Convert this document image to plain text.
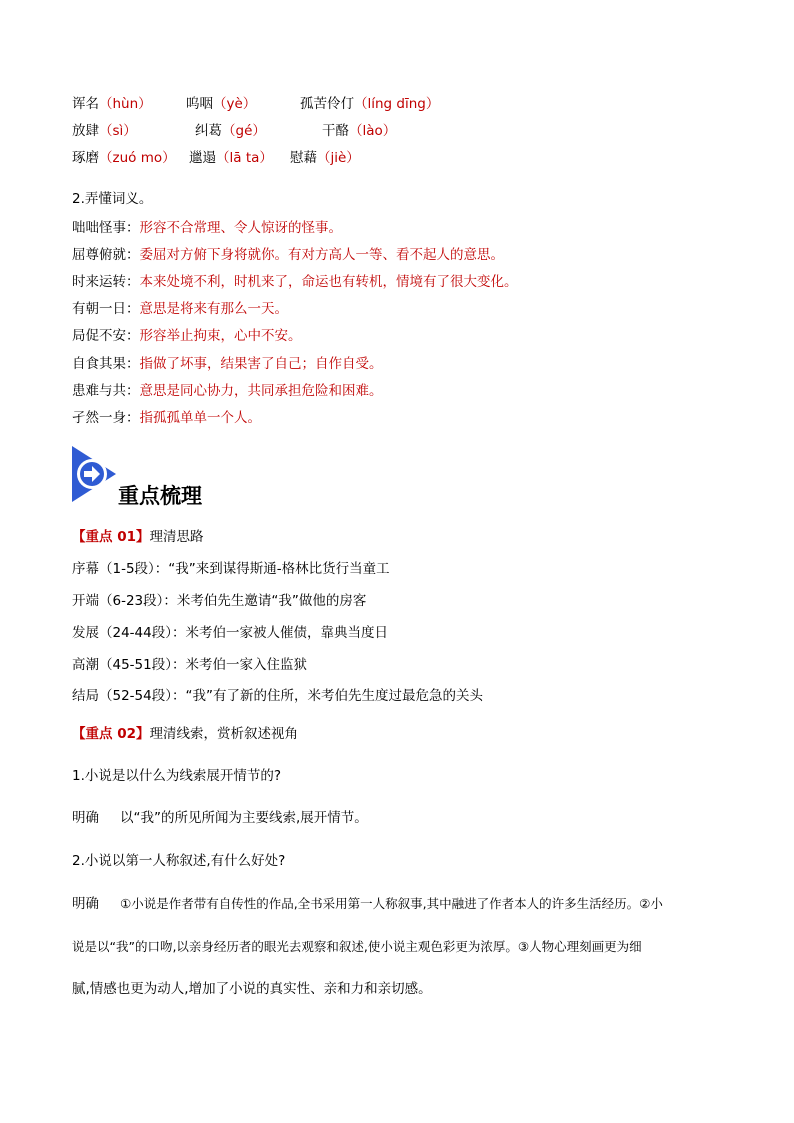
诨名（hùn）	呜咽（yè）	孤苦伶仃（líng dīng）
放肆（sì）	纠葛（gé）	干酪（lào）
琢磨（zuó mo） 邋遢（lā ta） 慰藉（jiè）
2.弄懂词义。
咄咄怪事：形容不合常理、令人惊讶的怪事。
屈尊俯就：委屈对方俯下身将就你。有对方高人一等、看不起人的意思。
时来运转：本来处境不利，时机来了，命运也有转机，情境有了很大变化。
有朝一日：意思是将来有那么一天。
局促不安：形容举止拘束，心中不安。
自食其果：指做了坏事，结果害了自己；自作自受。
患难与共：意思是同心协力，共同承担危险和困难。
孑然一身：指孤孤单单一个人。
重点梳理
【重点 01】理清思路
序幕（1-5段）：“我”来到谋得斯通-格林比货行当童工
开端（6-23段）：米考伯先生邀请“我”做他的房客
发展（24-44段）：米考伯一家被人催债，靠典当度日
高潮（45-51段）：米考伯一家入住监狱
结局（52-54段）：“我”有了新的住所，米考伯先生度过最危急的关头
【重点 02】理清线索，赏析叙述视角
1.小说是以什么为线索展开情节的?
明确 以“我”的所见所闻为主要线索,展开情节。
2.小说以第一人称叙述,有什么好处?
明确 ①小说是作者带有自传性的作品,全书采用第一人称叙事,其中融进了作者本人的许多生活经历。②小
说是以“我”的口吻,以亲身经历者的眼光去观察和叙述,使小说主观色彩更为浓厚。③人物心理刻画更为细
腻,情感也更为动人,增加了小说的真实性、亲和力和亲切感。
